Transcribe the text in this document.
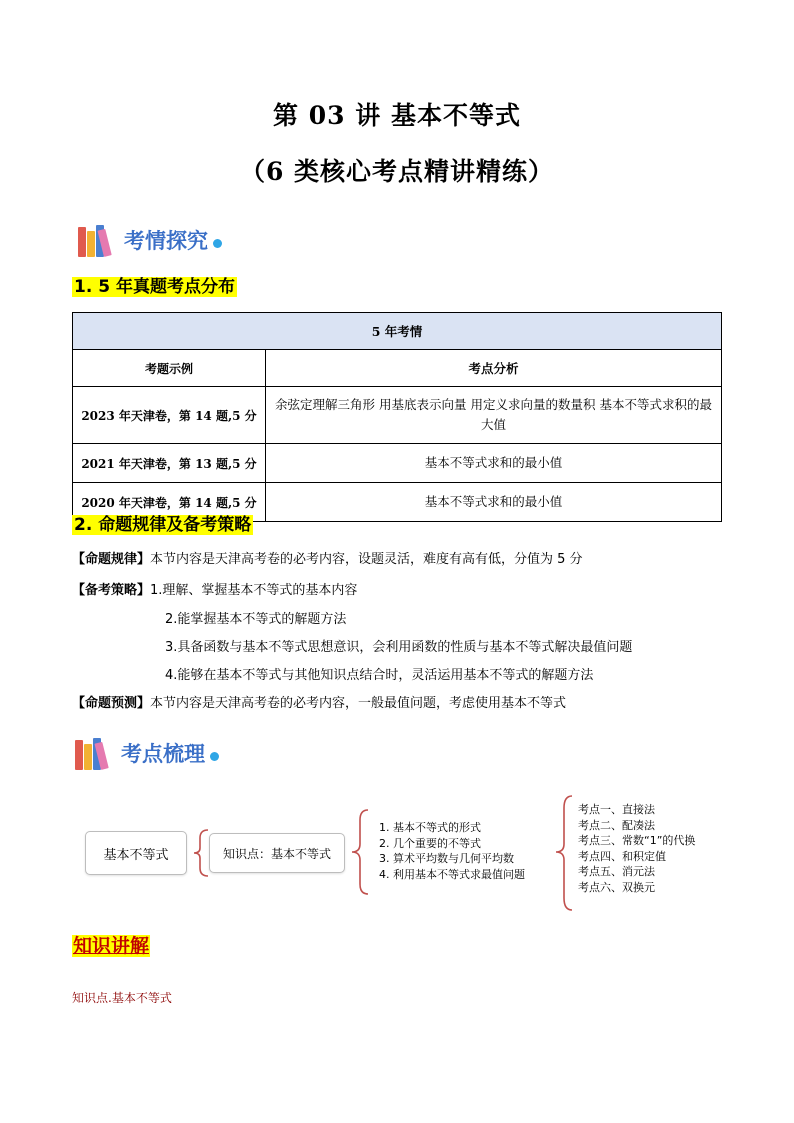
第 03 讲 基本不等式
（6 类核心考点精讲精练）
考情探究
1. 5 年真题考点分布
5 年考情	
考题示例	考点分析
2023 年天津卷，第 14 题,5 分	余弦定理解三角形 用基底表示向量 用定义求向量的数量积 基本不等式求积的最大值
2021 年天津卷，第 13 题,5 分	基本不等式求和的最小值
2020 年天津卷，第 14 题,5 分	基本不等式求和的最小值
2. 命题规律及备考策略
【命题规律】本节内容是天津高考卷的必考内容，设题灵活，难度有高有低，分值为 5 分
【备考策略】1.理解、掌握基本不等式的基本内容
2.能掌握基本不等式的解题方法
3.具备函数与基本不等式思想意识，会利用函数的性质与基本不等式解决最值问题
4.能够在基本不等式与其他知识点结合时，灵活运用基本不等式的解题方法
【命题预测】本节内容是天津高考卷的必考内容，一般最值问题，考虑使用基本不等式
考点梳理
基本不等式	知识点：基本不等式
1. 基本不等式的形式
2. 几个重要的不等式
3. 算术平均数与几何平均数
4. 利用基本不等式求最值问题
考点一、直接法
考点二、配凑法
考点三、常数“1”的代换
考点四、和积定值
考点五、消元法
考点六、双换元
知识讲解
知识点.基本不等式
